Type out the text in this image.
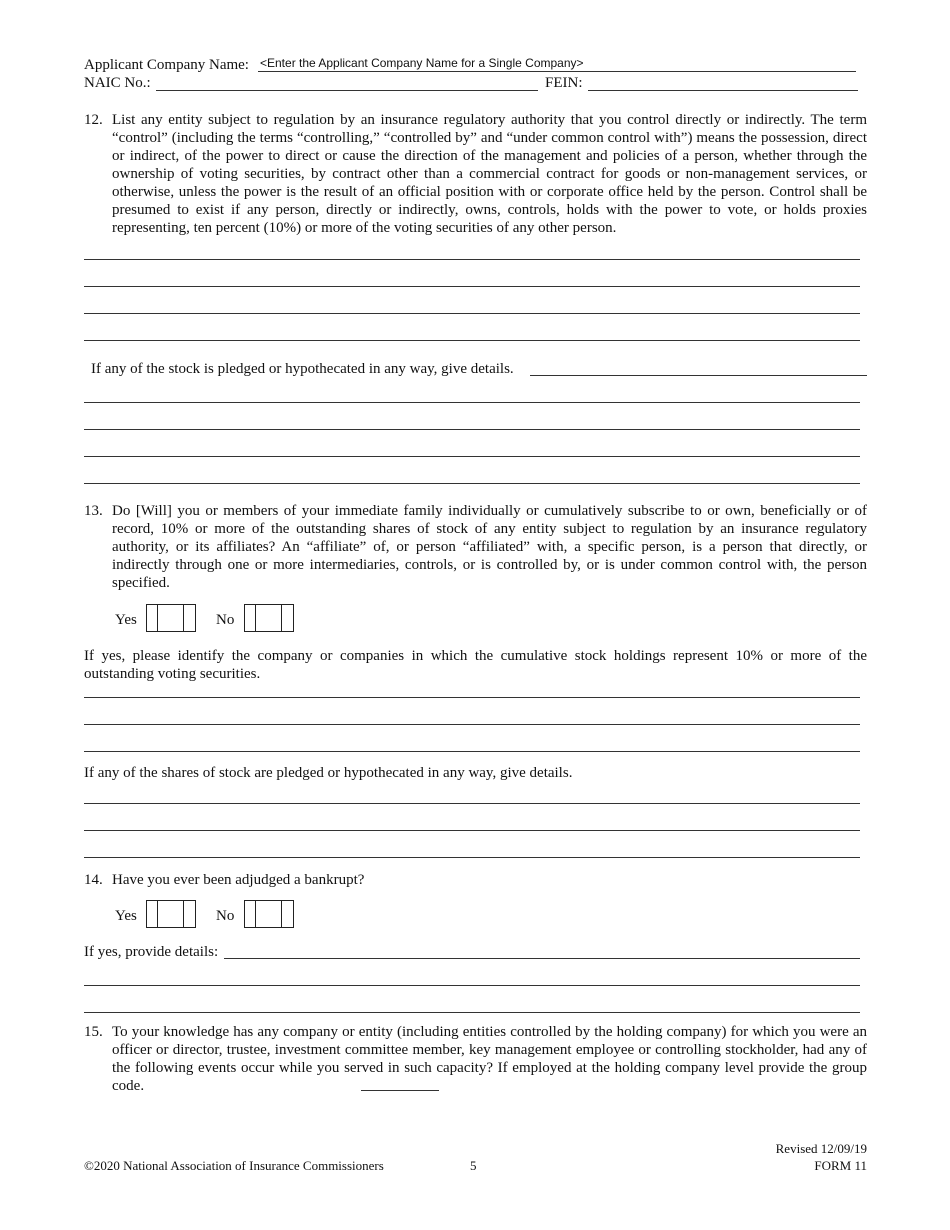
Applicant Company Name: <Enter the Applicant Company Name for a Single Company>
NAIC No.:	FEIN:
12. List any entity subject to regulation by an insurance regulatory authority that you control directly or indirectly. The term “control” (including the terms “controlling,” “controlled by” and “under common control with”) means the possession, direct or indirect, of the power to direct or cause the direction of the management and policies of a person, whether through the ownership of voting securities, by contract other than a commercial contract for goods or non-management services, or otherwise, unless the power is the result of an official position with or corporate office held by the person. Control shall be presumed to exist if any person, directly or indirectly, owns, controls, holds with the power to vote, or holds proxies representing, ten percent (10%) or more of the voting securities of any other person.
If any of the stock is pledged or hypothecated in any way, give details.
13. Do [Will] you or members of your immediate family individually or cumulatively subscribe to or own, beneficially or of record, 10% or more of the outstanding shares of stock of any entity subject to regulation by an insurance regulatory authority, or its affiliates? An “affiliate” of, or person “affiliated” with, a specific person, is a person that directly, or indirectly through one or more intermediaries, controls, or is controlled by, or is under common control with, the person specified.
Yes	No
If yes, please identify the company or companies in which the cumulative stock holdings represent 10% or more of the outstanding voting securities.
If any of the shares of stock are pledged or hypothecated in any way, give details.
14. Have you ever been adjudged a bankrupt?
Yes	No
If yes, provide details:
15. To your knowledge has any company or entity (including entities controlled by the holding company) for which you were an officer or director, trustee, investment committee member, key management employee or controlling stockholder, had any of the following events occur while you served in such capacity? If employed at the holding company level provide the group code.
©2020 National Association of Insurance Commissioners	5
Revised 12/09/19
FORM 11
